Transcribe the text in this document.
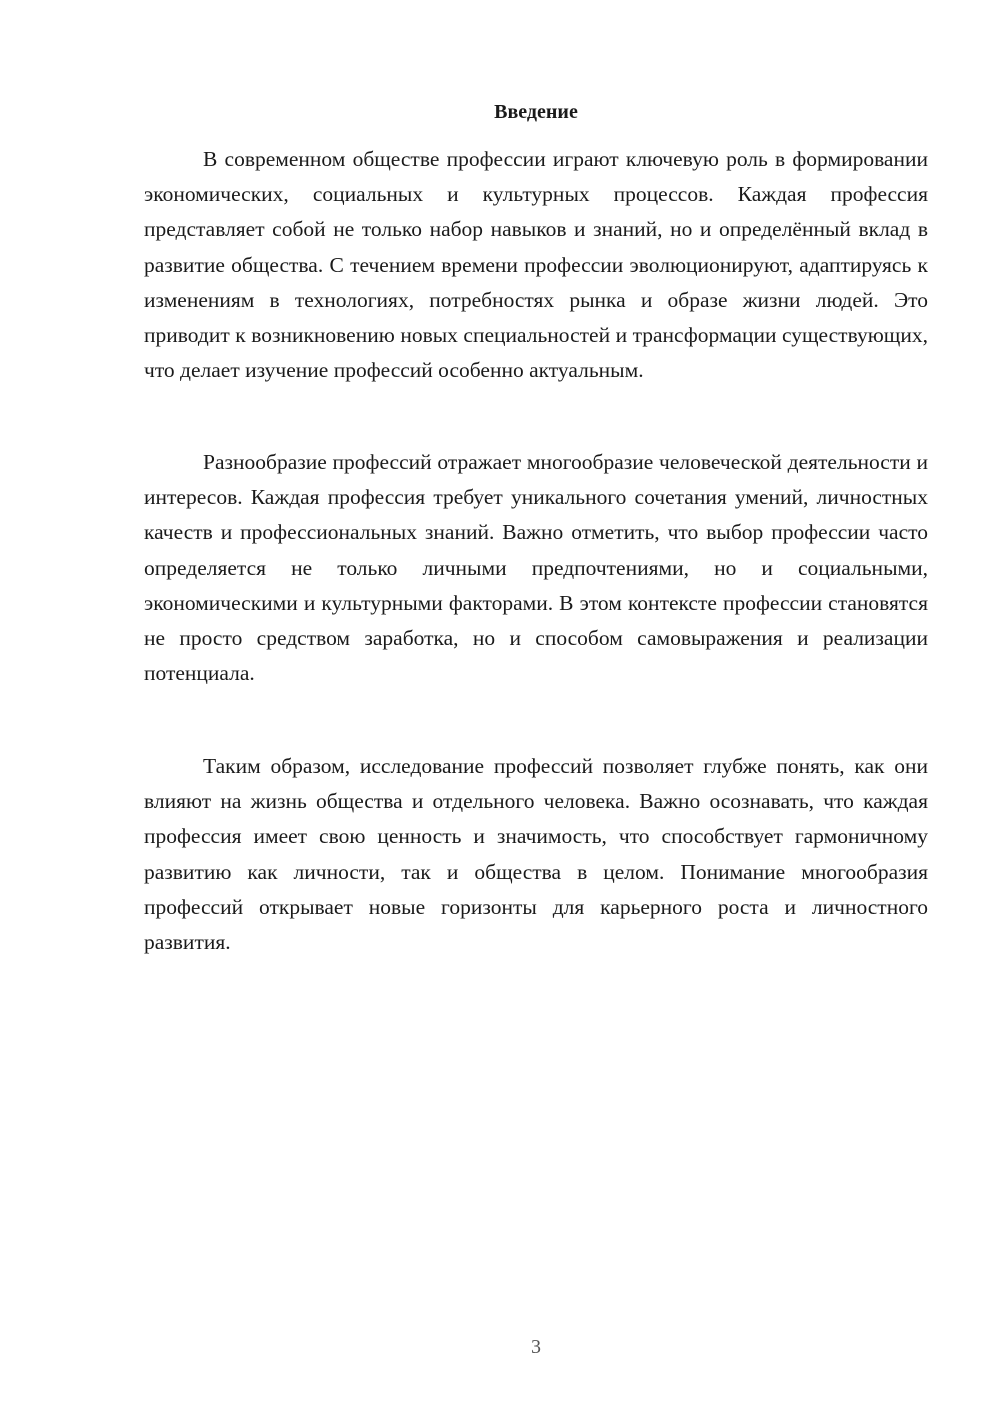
Введение

В современном обществе профессии играют ключевую роль в формировании экономических, социальных и культурных процессов. Каждая профессия представляет собой не только набор навыков и знаний, но и определённый вклад в развитие общества. С течением времени профессии эволюционируют, адаптируясь к изменениям в технологиях, потребностях рынка и образе жизни людей. Это приводит к возникновению новых специальностей и трансформации существующих, что делает изучение профессий особенно актуальным.

Разнообразие профессий отражает многообразие человеческой деятельности и интересов. Каждая профессия требует уникального сочетания умений, личностных качеств и профессиональных знаний. Важно отметить, что выбор профессии часто определяется не только личными предпочтениями, но и социальными, экономическими и культурными факторами. В этом контексте профессии становятся не просто средством заработка, но и способом самовыражения и реализации потенциала.

Таким образом, исследование профессий позволяет глубже понять, как они влияют на жизнь общества и отдельного человека. Важно осознавать, что каждая профессия имеет свою ценность и значимость, что способствует гармоничному развитию как личности, так и общества в целом. Понимание многообразия профессий открывает новые горизонты для карьерного роста и личностного развития.

3
